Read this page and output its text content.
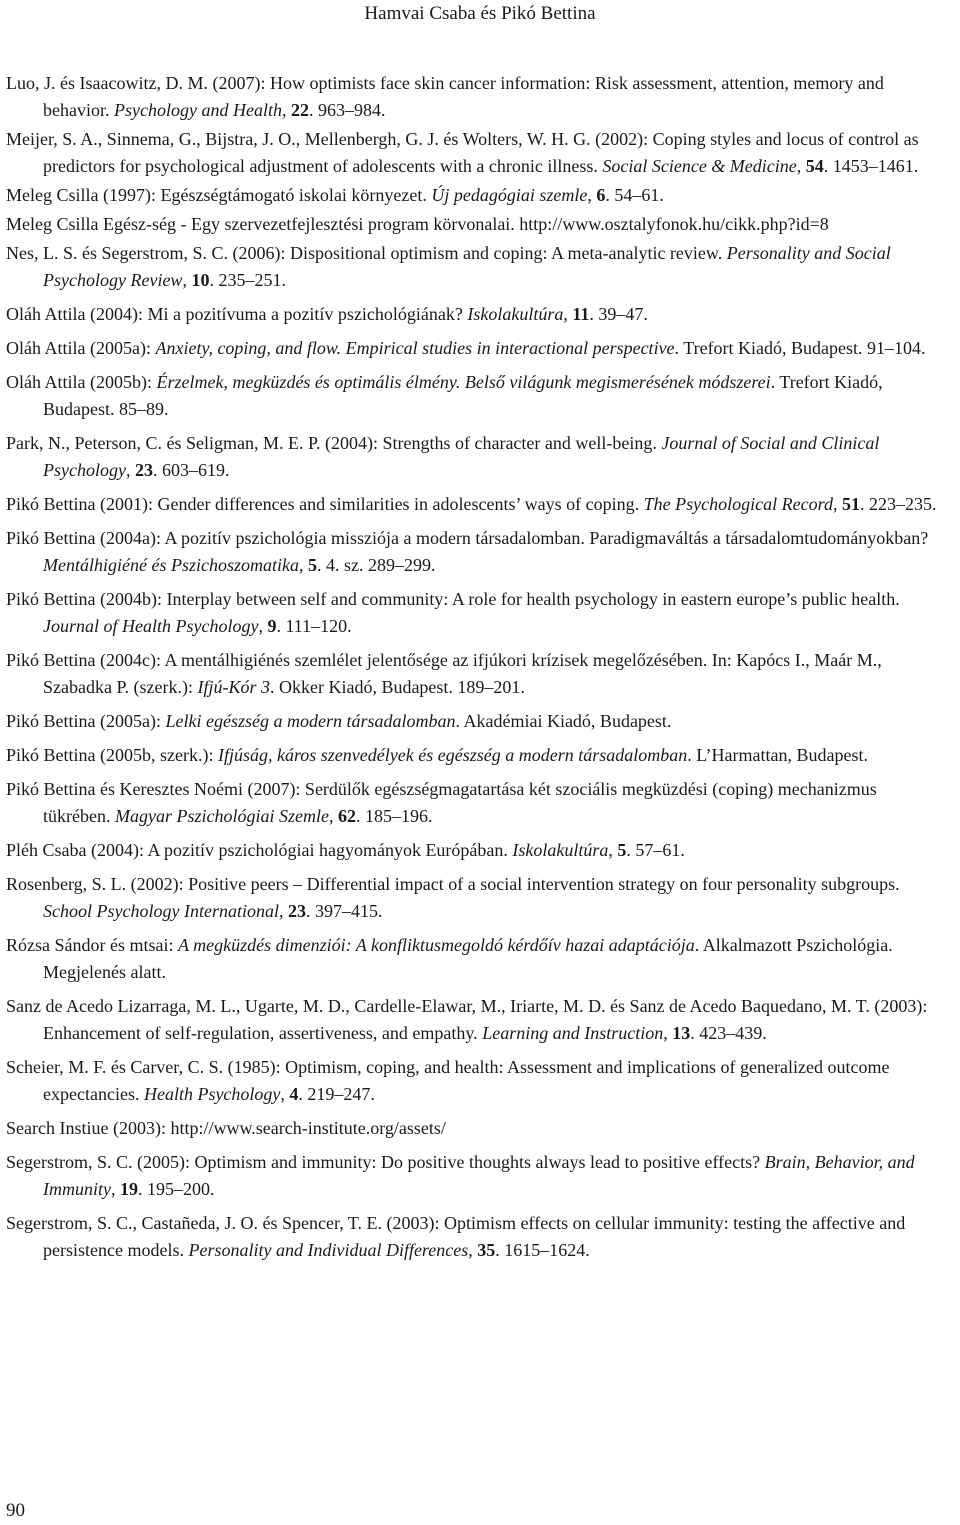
Hamvai Csaba és Pikó Bettina
Luo, J. és Isaacowitz, D. M. (2007): How optimists face skin cancer information: Risk assessment, attention, memory and behavior. Psychology and Health, 22. 963–984.
Meijer, S. A., Sinnema, G., Bijstra, J. O., Mellenbergh, G. J. és Wolters, W. H. G. (2002): Coping styles and locus of control as predictors for psychological adjustment of adolescents with a chronic illness. Social Science & Medicine, 54. 1453–1461.
Meleg Csilla (1997): Egészségtámogató iskolai környezet. Új pedagógiai szemle, 6. 54–61.
Meleg Csilla Egész-ség - Egy szervezetfejlesztési program körvonalai. http://www.osztalyfonok.hu/cikk.php?id=8
Nes, L. S. és Segerstrom, S. C. (2006): Dispositional optimism and coping: A meta-analytic review. Personality and Social Psychology Review, 10. 235–251.
Oláh Attila (2004): Mi a pozitívuma a pozitív pszichológiának? Iskolakultúra, 11. 39–47.
Oláh Attila (2005a): Anxiety, coping, and flow. Empirical studies in interactional perspective. Trefort Kiadó, Budapest. 91–104.
Oláh Attila (2005b): Érzelmek, megküzdés és optimális élmény. Belső világunk megismerésének módszerei. Trefort Kiadó, Budapest. 85–89.
Park, N., Peterson, C. és Seligman, M. E. P. (2004): Strengths of character and well-being. Journal of Social and Clinical Psychology, 23. 603–619.
Pikó Bettina (2001): Gender differences and similarities in adolescents’ ways of coping. The Psychological Record, 51. 223–235.
Pikó Bettina (2004a): A pozitív pszichológia missziója a modern társadalomban. Paradigmaváltás a társadalomtudományokban? Mentálhigiéné és Pszichoszomatika, 5. 4. sz. 289–299.
Pikó Bettina (2004b): Interplay between self and community: A role for health psychology in eastern europe’s public health. Journal of Health Psychology, 9. 111–120.
Pikó Bettina (2004c): A mentálhigiénés szemlélet jelentősége az ifjúkori krízisek megelőzésében. In: Kapócs I., Maár M., Szabadka P. (szerk.): Ifjú-Kór 3. Okker Kiadó, Budapest. 189–201.
Pikó Bettina (2005a): Lelki egészség a modern társadalomban. Akadémiai Kiadó, Budapest.
Pikó Bettina (2005b, szerk.): Ifjúság, káros szenvedélyek és egészség a modern társadalomban. L’Harmattan, Budapest.
Pikó Bettina és Keresztes Noémi (2007): Serdülők egészségmagatartása két szociális megküzdési (coping) mechanizmus tükrében. Magyar Pszichológiai Szemle, 62. 185–196.
Pléh Csaba (2004): A pozitív pszichológiai hagyományok Európában. Iskolakultúra, 5. 57–61.
Rosenberg, S. L. (2002): Positive peers – Differential impact of a social intervention strategy on four personality subgroups. School Psychology International, 23. 397–415.
Rózsa Sándor és mtsai: A megküzdés dimenziói: A konfliktusmegoldó kérdőív hazai adaptációja. Alkalmazott Pszichológia. Megjelenés alatt.
Sanz de Acedo Lizarraga, M. L., Ugarte, M. D., Cardelle-Elawar, M., Iriarte, M. D. és Sanz de Acedo Baquedano, M. T. (2003): Enhancement of self-regulation, assertiveness, and empathy. Learning and Instruction, 13. 423–439.
Scheier, M. F. és Carver, C. S. (1985): Optimism, coping, and health: Assessment and implications of generalized outcome expectancies. Health Psychology, 4. 219–247.
Search Instiue (2003): http://www.search-institute.org/assets/
Segerstrom, S. C. (2005): Optimism and immunity: Do positive thoughts always lead to positive effects? Brain, Behavior, and Immunity, 19. 195–200.
Segerstrom, S. C., Castañeda, J. O. és Spencer, T. E. (2003): Optimism effects on cellular immunity: testing the affective and persistence models. Personality and Individual Differences, 35. 1615–1624.
90
